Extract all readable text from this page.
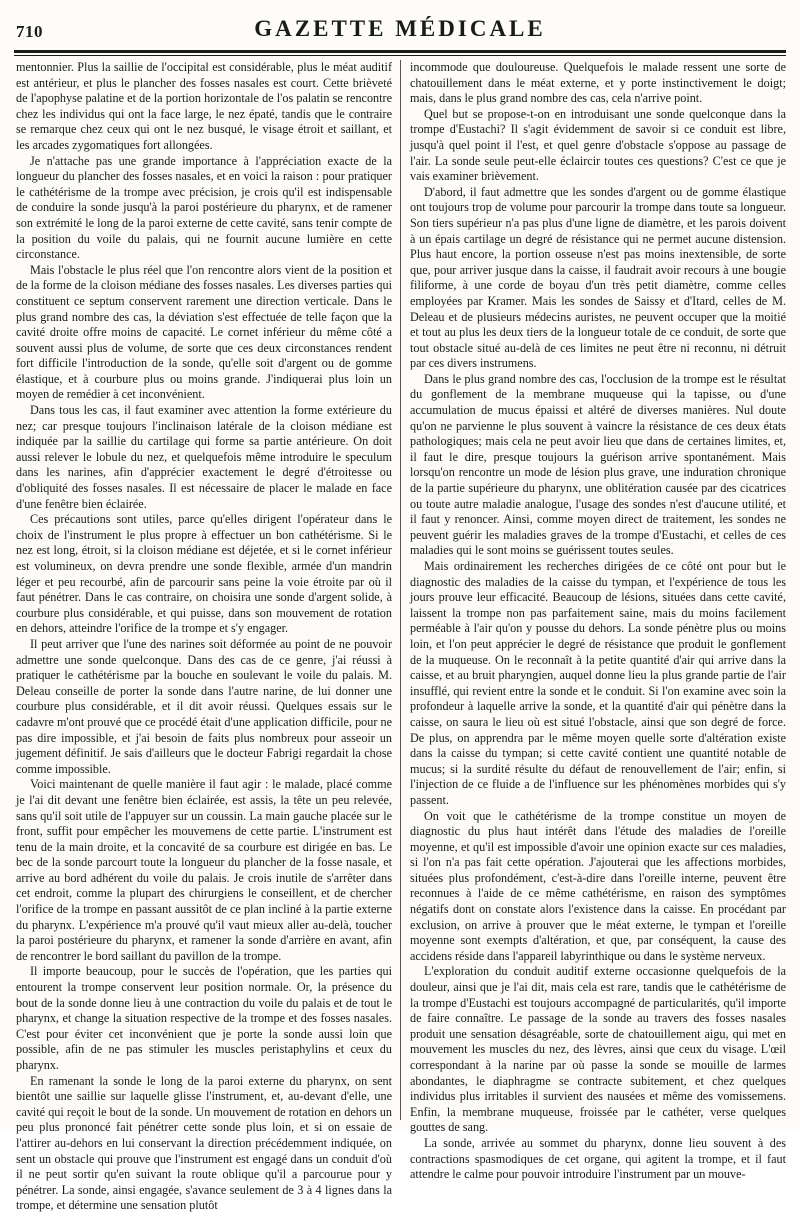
710	GAZETTE MÉDICALE

mentonnier. Plus la saillie de l'occipital est considérable, plus le méat auditif est antérieur, et plus le plancher des fosses nasales est court. Cette brièveté de l'apophyse palatine et de la portion horizontale de l'os palatin se rencontre chez les individus qui ont la face large, le nez épaté, tandis que le contraire se remarque chez ceux qui ont le nez busqué, le visage étroit et saillant, et les arcades zygomatiques fort allongées.

Je n'attache pas une grande importance à l'appréciation exacte de la longueur du plancher des fosses nasales, et en voici la raison : pour pratiquer le cathétérisme de la trompe avec précision, je crois qu'il est indispensable de conduire la sonde jusqu'à la paroi postérieure du pharynx, et de ramener son extrémité le long de la paroi externe de cette cavité, sans tenir compte de la position du voile du palais, qui ne fournit aucune lumière en cette circonstance.

Mais l'obstacle le plus réel que l'on rencontre alors vient de la position et de la forme de la cloison médiane des fosses nasales. Les diverses parties qui constituent ce septum conservent rarement une direction verticale. Dans le plus grand nombre des cas, la déviation s'est effectuée de telle façon que la cavité droite offre moins de capacité. Le cornet inférieur du même côté a souvent aussi plus de volume, de sorte que ces deux circonstances rendent fort difficile l'introduction de la sonde, qu'elle soit d'argent ou de gomme élastique, et à courbure plus ou moins grande. J'indiquerai plus loin un moyen de remédier à cet inconvénient.

Dans tous les cas, il faut examiner avec attention la forme extérieure du nez; car presque toujours l'inclinaison latérale de la cloison médiane est indiquée par la saillie du cartilage qui forme sa partie antérieure. On doit aussi relever le lobule du nez, et quelquefois même introduire le speculum dans les narines, afin d'apprécier exactement le degré d'étroitesse ou d'obliquité des fosses nasales. Il est nécessaire de placer le malade en face d'une fenêtre bien éclairée.

Ces précautions sont utiles, parce qu'elles dirigent l'opérateur dans le choix de l'instrument le plus propre à effectuer un bon cathétérisme. Si le nez est long, étroit, si la cloison médiane est déjetée, et si le cornet inférieur est volumineux, on devra prendre une sonde flexible, armée d'un mandrin léger et peu recourbé, afin de parcourir sans peine la voie étroite par où il faut pénétrer. Dans le cas contraire, on choisira une sonde d'argent solide, à courbure plus considérable, et qui puisse, dans son mouvement de rotation en dehors, atteindre l'orifice de la trompe et s'y engager.

Il peut arriver que l'une des narines soit déformée au point de ne pouvoir admettre une sonde quelconque. Dans des cas de ce genre, j'ai réussi à pratiquer le cathétérisme par la bouche en soulevant le voile du palais. M. Deleau conseille de porter la sonde dans l'autre narine, de lui donner une courbure plus considérable, et il dit avoir réussi. Quelques essais sur le cadavre m'ont prouvé que ce procédé était d'une application difficile, pour ne pas dire impossible, et j'ai besoin de faits plus nombreux pour asseoir un jugement définitif. Je sais d'ailleurs que le docteur Fabrigi regardait la chose comme impossible.

Voici maintenant de quelle manière il faut agir : le malade, placé comme je l'ai dit devant une fenêtre bien éclairée, est assis, la tête un peu relevée, sans qu'il soit utile de l'appuyer sur un coussin. La main gauche placée sur le front, suffit pour empêcher les mouvemens de cette partie. L'instrument est tenu de la main droite, et la concavité de sa courbure est dirigée en bas. Le bec de la sonde parcourt toute la longueur du plancher de la fosse nasale, et arrive au bord adhérent du voile du palais. Je crois inutile de s'arrêter dans cet endroit, comme la plupart des chirurgiens le conseillent, et de chercher l'orifice de la trompe en passant aussitôt de ce plan incliné à la partie externe du pharynx. L'expérience m'a prouvé qu'il vaut mieux aller au-delà, toucher la paroi postérieure du pharynx, et ramener la sonde d'arrière en avant, afin de rencontrer le bord saillant du pavillon de la trompe.

Il importe beaucoup, pour le succès de l'opération, que les parties qui entourent la trompe conservent leur position normale. Or, la présence du bout de la sonde donne lieu à une contraction du voile du palais et de tout le pharynx, et change la situation respective de la trompe et des fosses nasales. C'est pour éviter cet inconvénient que je porte la sonde aussi loin que possible, afin de ne pas stimuler les muscles peristaphylins et ceux du pharynx.

En ramenant la sonde le long de la paroi externe du pharynx, on sent bientôt une saillie sur laquelle glisse l'instrument, et, au-devant d'elle, une cavité qui reçoit le bout de la sonde. Un mouvement de rotation en dehors un peu plus prononcé fait pénétrer cette sonde plus loin, et si on essaie de l'attirer au-dehors en lui conservant la direction précédemment indiquée, on sent un obstacle qui prouve que l'instrument est engagé dans un conduit d'où il ne peut sortir qu'en suivant la route oblique qu'il a parcourue pour y pénétrer. La sonde, ainsi engagée, s'avance seulement de 3 à 4 lignes dans la trompe, et détermine une sensation plutôt

incommode que douloureuse. Quelquefois le malade ressent une sorte de chatouillement dans le méat externe, et y porte instinctivement le doigt; mais, dans le plus grand nombre des cas, cela n'arrive point.

Quel but se propose-t-on en introduisant une sonde quelconque dans la trompe d'Eustachi? Il s'agit évidemment de savoir si ce conduit est libre, jusqu'à quel point il l'est, et quel genre d'obstacle s'oppose au passage de l'air. La sonde seule peut-elle éclaircir toutes ces questions? C'est ce que je vais examiner brièvement.

D'abord, il faut admettre que les sondes d'argent ou de gomme élastique ont toujours trop de volume pour parcourir la trompe dans toute sa longueur. Son tiers supérieur n'a pas plus d'une ligne de diamètre, et les parois doivent à un épais cartilage un degré de résistance qui ne permet aucune distension. Plus haut encore, la portion osseuse n'est pas moins inextensible, de sorte que, pour arriver jusque dans la caisse, il faudrait avoir recours à une bougie filiforme, à une corde de boyau d'un très petit diamètre, comme celles employées par Kramer. Mais les sondes de Saissy et d'Itard, celles de M. Deleau et de plusieurs médecins auristes, ne peuvent occuper que la moitié et tout au plus les deux tiers de la longueur totale de ce conduit, de sorte que tout obstacle situé au-delà de ces limites ne peut être ni reconnu, ni détruit par ces divers instrumens.

Dans le plus grand nombre des cas, l'occlusion de la trompe est le résultat du gonflement de la membrane muqueuse qui la tapisse, ou d'une accumulation de mucus épaissi et altéré de diverses manières. Nul doute qu'on ne parvienne le plus souvent à vaincre la résistance de ces deux états pathologiques; mais cela ne peut avoir lieu que dans de certaines limites, et, il faut le dire, presque toujours la guérison arrive spontanément. Mais lorsqu'on rencontre un mode de lésion plus grave, une induration chronique de la partie supérieure du pharynx, une oblitération causée par des cicatrices ou toute autre maladie analogue, l'usage des sondes n'est d'aucune utilité, et il faut y renoncer. Ainsi, comme moyen direct de traitement, les sondes ne peuvent guérir les maladies graves de la trompe d'Eustachi, et celles de ces maladies qui le sont moins se guérissent toutes seules.

Mais ordinairement les recherches dirigées de ce côté ont pour but le diagnostic des maladies de la caisse du tympan, et l'expérience de tous les jours prouve leur efficacité. Beaucoup de lésions, situées dans cette cavité, laissent la trompe non pas parfaitement saine, mais du moins facilement perméable à l'air qu'on y pousse du dehors. La sonde pénètre plus ou moins loin, et l'on peut apprécier le degré de résistance que produit le gonflement de la muqueuse. On le reconnaît à la petite quantité d'air qui arrive dans la caisse, et au bruit pharyngien, auquel donne lieu la plus grande partie de l'air insufflé, qui revient entre la sonde et le conduit. Si l'on examine avec soin la profondeur à laquelle arrive la sonde, et la quantité d'air qui pénètre dans la caisse, on saura le lieu où est situé l'obstacle, ainsi que son degré de force. De plus, on apprendra par le même moyen quelle sorte d'altération existe dans la caisse du tympan; si cette cavité contient une quantité notable de mucus; si la surdité résulte du défaut de renouvellement de l'air; enfin, si l'injection de ce fluide a de l'influence sur les phénomènes morbides qui s'y passent.

On voit que le cathétérisme de la trompe constitue un moyen de diagnostic du plus haut intérêt dans l'étude des maladies de l'oreille moyenne, et qu'il est impossible d'avoir une opinion exacte sur ces maladies, si l'on n'a pas fait cette opération. J'ajouterai que les affections morbides, situées plus profondément, c'est-à-dire dans l'oreille interne, peuvent être reconnues à l'aide de ce même cathétérisme, en raison des symptômes négatifs dont on constate alors l'existence dans la caisse. En procédant par exclusion, on arrive à prouver que le méat externe, le tympan et l'oreille moyenne sont exempts d'altération, et que, par conséquent, la cause des accidens réside dans l'appareil labyrinthique ou dans le système nerveux.

L'exploration du conduit auditif externe occasionne quelquefois de la douleur, ainsi que je l'ai dit, mais cela est rare, tandis que le cathétérisme de la trompe d'Eustachi est toujours accompagné de particularités, qu'il importe de faire connaître. Le passage de la sonde au travers des fosses nasales produit une sensation désagréable, sorte de chatouillement aigu, qui met en mouvement les muscles du nez, des lèvres, ainsi que ceux du visage. L'œil correspondant à la narine par où passe la sonde se mouille de larmes abondantes, le diaphragme se contracte subitement, et chez quelques individus plus irritables il survient des nausées et même des vomissemens. Enfin, la membrane muqueuse, froissée par le cathéter, verse quelques gouttes de sang.

La sonde, arrivée au sommet du pharynx, donne lieu souvent à des contractions spasmodiques de cet organe, qui agitent la trompe, et il faut attendre le calme pour pouvoir introduire l'instrument par un mouve-
